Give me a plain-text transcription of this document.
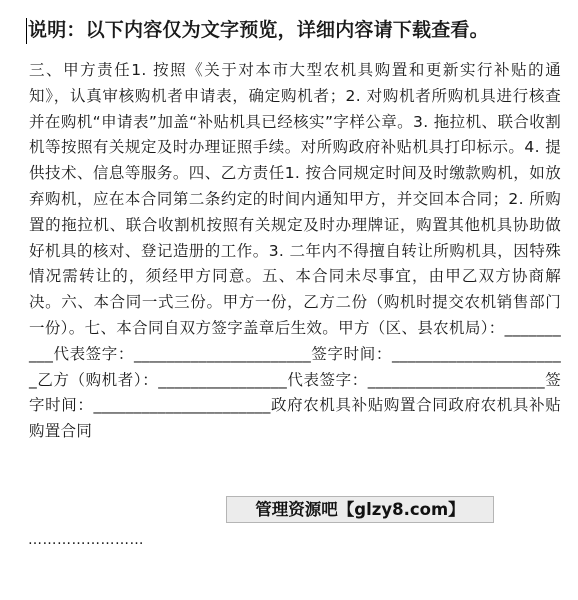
说明：以下内容仅为文字预览，详细内容请下载查看。
三、甲方责任1. 按照《关于对本市大型农机具购置和更新实行补贴的通知》，认真审核购机者申请表，确定购机者；2. 对购机者所购机具进行核查并在购机“申请表”加盖“补贴机具已经核实”字样公章。3. 拖拉机、联合收割机等按照有关规定及时办理证照手续。对所购政府补贴机具打印标示。4. 提供技术、信息等服务。四、乙方责任1. 按合同规定时间及时缴款购机，如放弃购机，应在本合同第二条约定的时间内通知甲方，并交回本合同；2. 所购置的拖拉机、联合收割机按照有关规定及时办理牌证，购置其他机具协助做好机具的核对、登记造册的工作。3. 二年内不得擅自转让所购机具，因特殊情况需转让的，须经甲方同意。五、本合同未尽事宜，由甲乙双方协商解决。六、本合同一式三份。甲方一份，乙方二份（购机时提交农机销售部门一份）。七、本合同自双方签字盖章后生效。甲方（区、县农机局）：__________代表签字：______________________签字时间：______________________乙方（购机者）：________________代表签字：______________________签字时间：______________________政府农机具补贴购置合同政府农机具补贴购置合同
管理资源吧【glzy8.com】
……………………
